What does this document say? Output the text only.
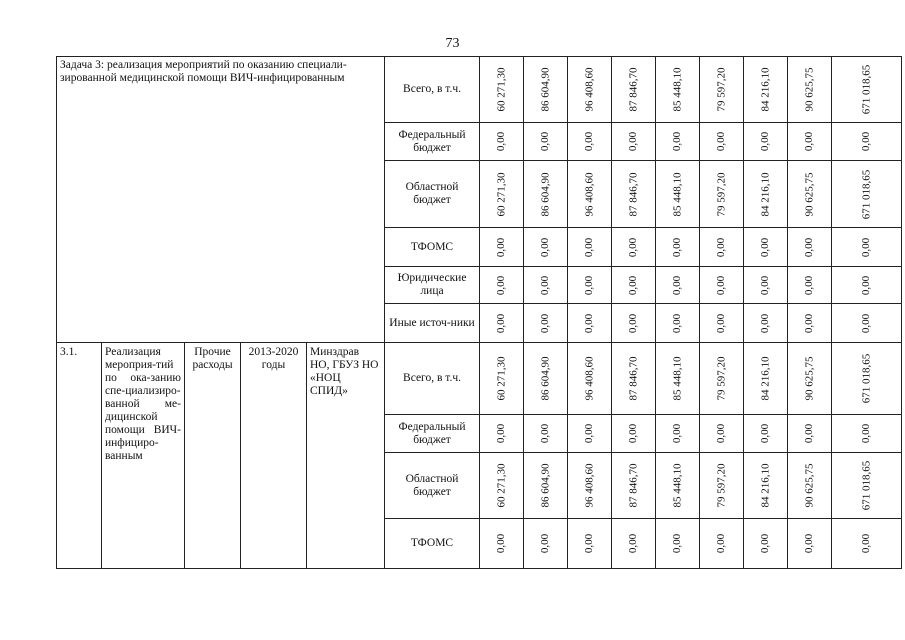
73
Задача 3: реализация мероприятий по оказанию специали-зированной медицинской помощи ВИЧ-инфицированным					Всего, в т.ч.	60 271,30	86 604,90	96 408,60	87 846,70	85 448,10	79 597,20	84 216,10	90 625,75	671 018,65
					Федеральный бюджет	0,00	0,00	0,00	0,00	0,00	0,00	0,00	0,00	0,00
					Областной бюджет	60 271,30	86 604,90	96 408,60	87 846,70	85 448,10	79 597,20	84 216,10	90 625,75	671 018,65
					ТФОМС	0,00	0,00	0,00	0,00	0,00	0,00	0,00	0,00	0,00
					Юридические лица	0,00	0,00	0,00	0,00	0,00	0,00	0,00	0,00	0,00
					Иные источ-ники	0,00	0,00	0,00	0,00	0,00	0,00	0,00	0,00	0,00
3.1.	Реализация мероприя-тий по ока-занию спе-циализиро-ванной ме-дицинской помощи ВИЧ-инфициро-ванным	Прочие расходы	2013-2020 годы	Минздрав НО, ГБУЗ НО «НОЦ СПИД»	Всего, в т.ч.	60 271,30	86 604,90	96 408,60	87 846,70	85 448,10	79 597,20	84 216,10	90 625,75	671 018,65
					Федеральный бюджет	0,00	0,00	0,00	0,00	0,00	0,00	0,00	0,00	0,00
					Областной бюджет	60 271,30	86 604,90	96 408,60	87 846,70	85 448,10	79 597,20	84 216,10	90 625,75	671 018,65
					ТФОМС	0,00	0,00	0,00	0,00	0,00	0,00	0,00	0,00	0,00
